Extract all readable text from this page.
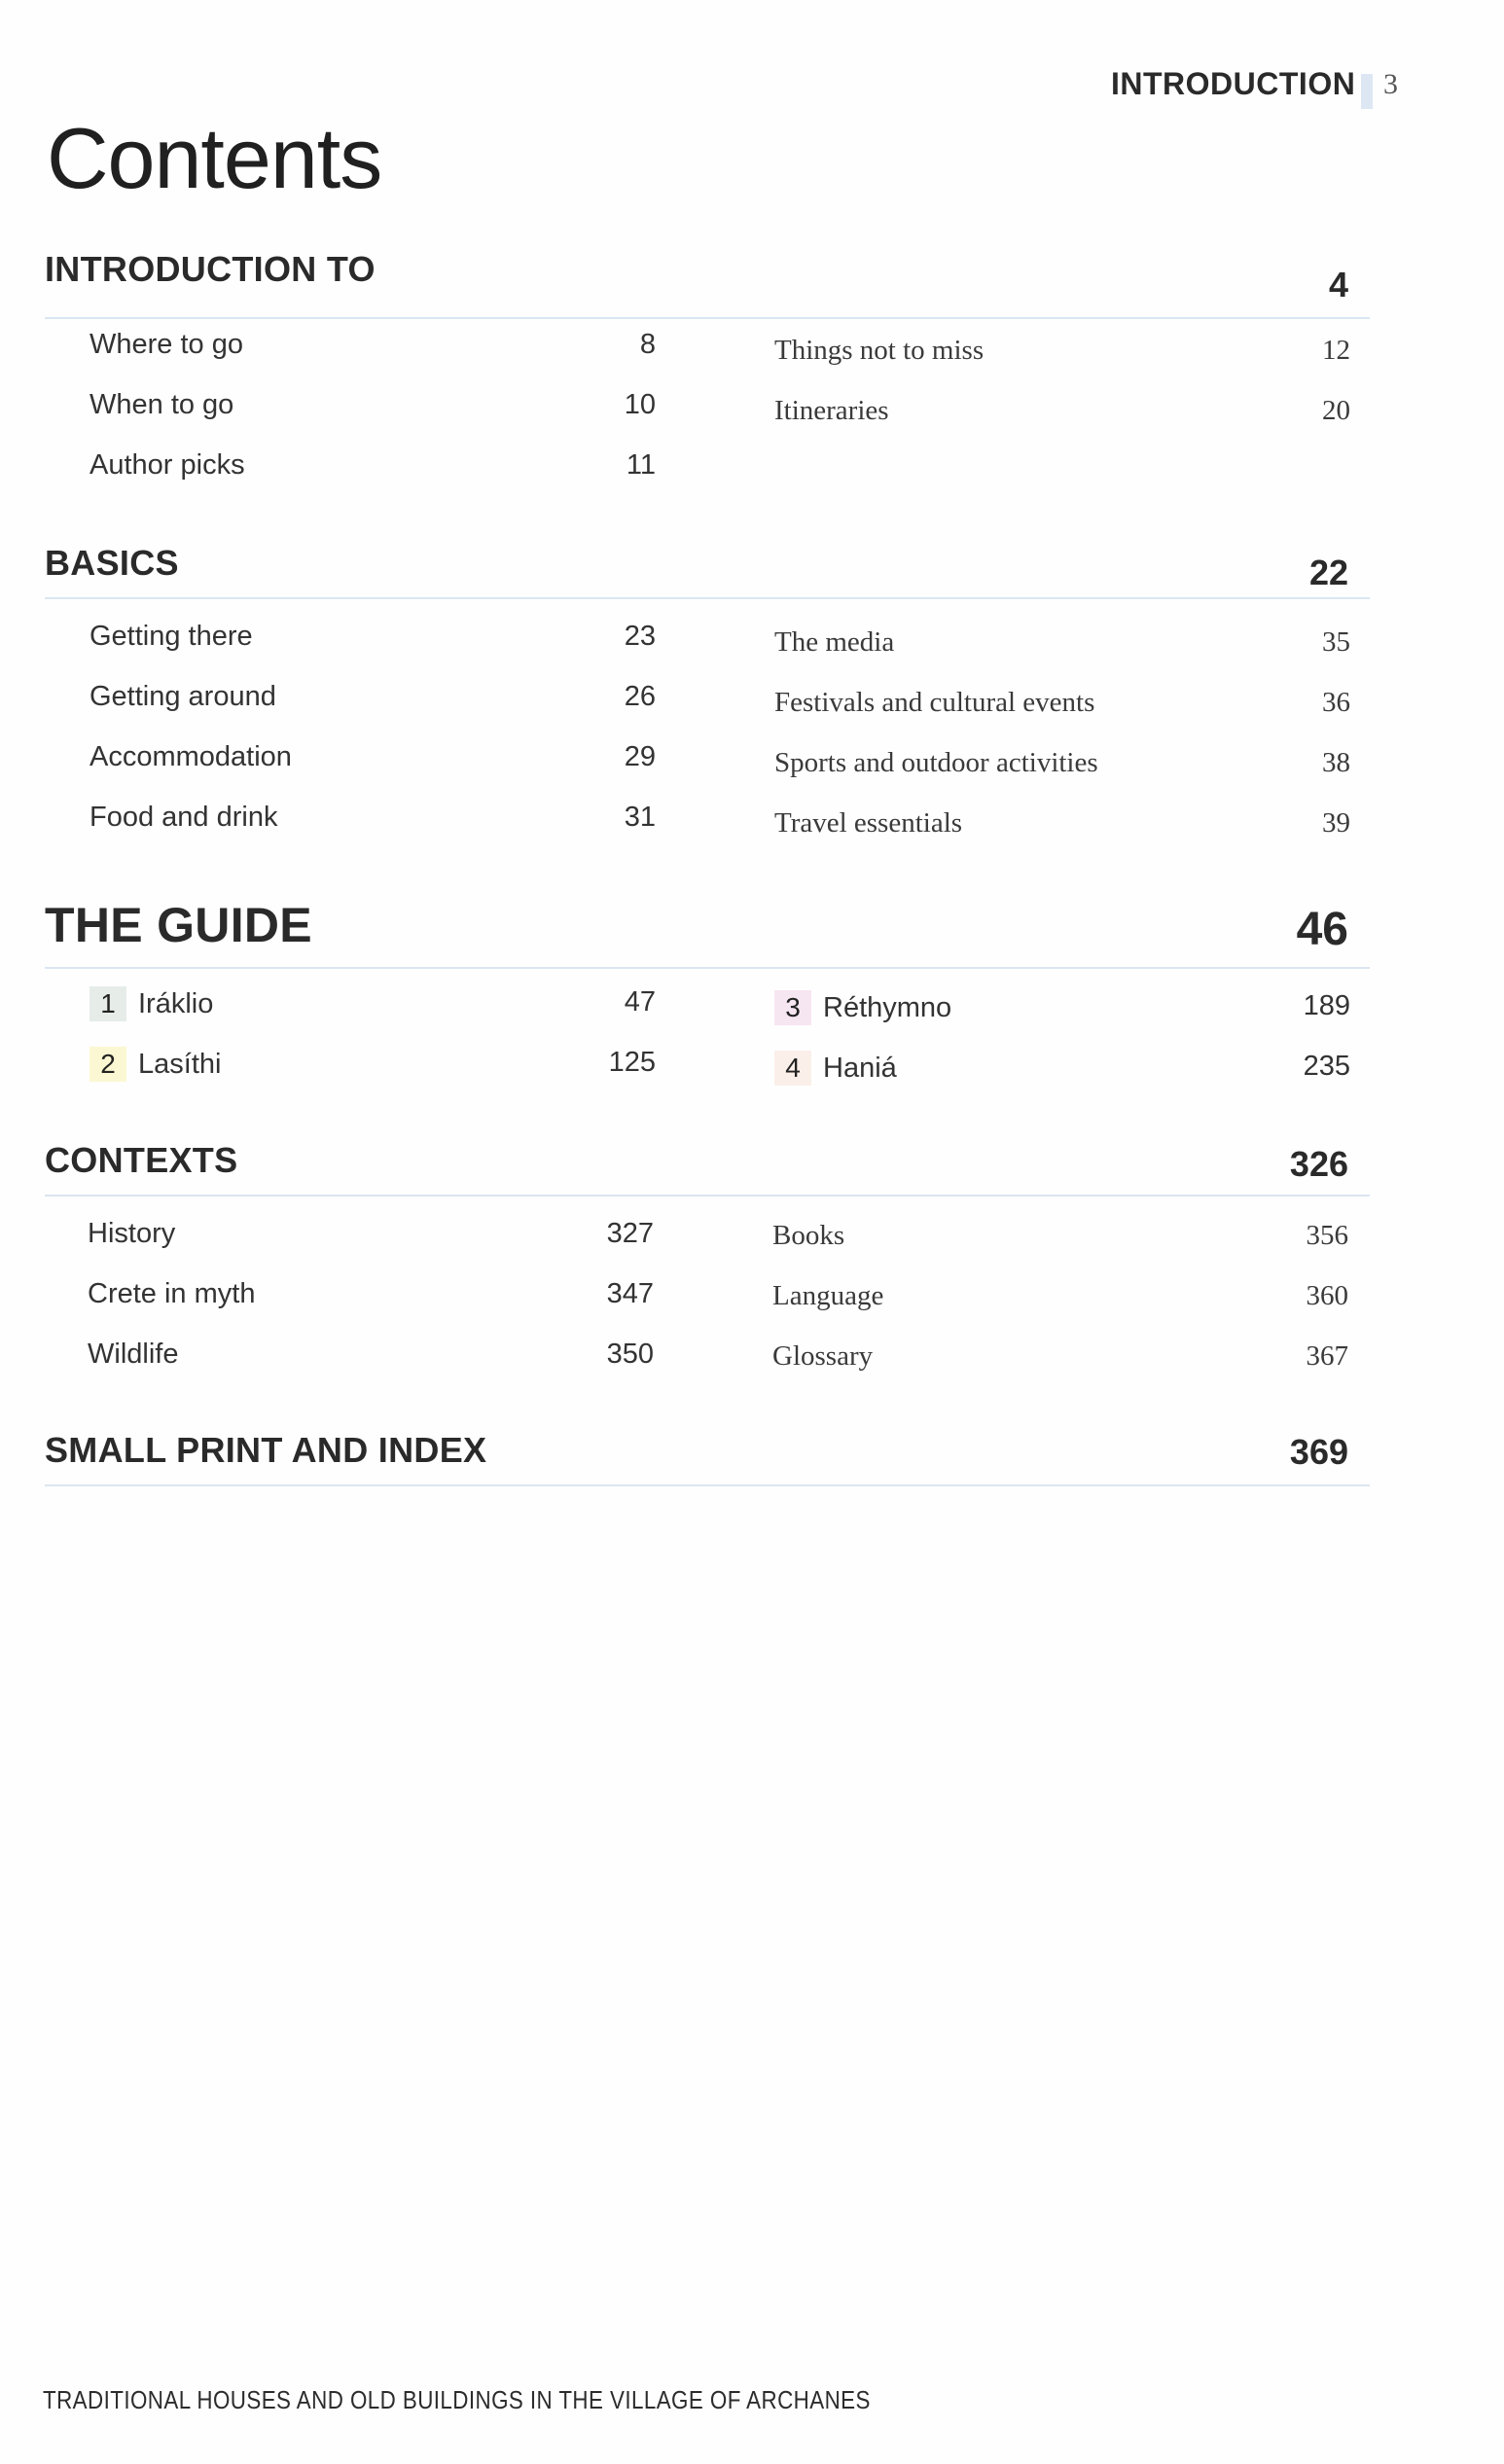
INTRODUCTION 3
Contents
INTRODUCTION TO	4
Where to go	8
When to go	10
Author picks	11
Things not to miss	12
Itineraries	20
BASICS	22
Getting there	23
Getting around	26
Accommodation	29
Food and drink	31
The media	35
Festivals and cultural events	36
Sports and outdoor activities	38
Travel essentials	39
THE GUIDE	46
1 Iráklio	47
2 Lasíthi	125
3 Réthymno	189
4 Haniá	235
CONTEXTS	326
History	327
Crete in myth	347
Wildlife	350
Books	356
Language	360
Glossary	367
SMALL PRINT AND INDEX	369
TRADITIONAL HOUSES AND OLD BUILDINGS IN THE VILLAGE OF ARCHANES
